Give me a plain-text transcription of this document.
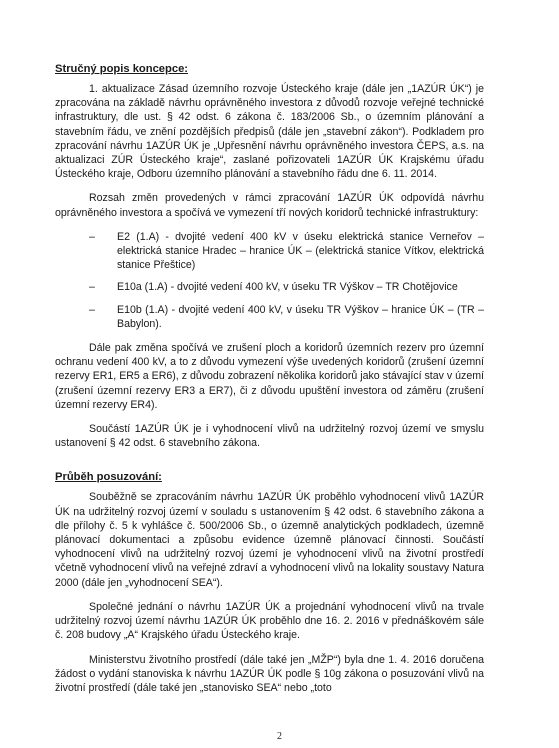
Stručný popis koncepce:

1. aktualizace Zásad územního rozvoje Ústeckého kraje (dále jen „1AZÚR ÚK“) je zpracována na základě návrhu oprávněného investora z důvodů rozvoje veřejné technické infrastruktury, dle ust. § 42 odst. 6 zákona č. 183/2006 Sb., o územním plánování a stavebním řádu, ve znění pozdějších předpisů (dále jen „stavební zákon“). Podkladem pro zpracování návrhu 1AZÚR ÚK je „Upřesnění návrhu oprávněného investora ČEPS, a.s. na aktualizaci ZÚR Ústeckého kraje“, zaslané pořizovateli 1AZÚR ÚK Krajskému úřadu Ústeckého kraje, Odboru územního plánování a stavebního řádu dne 6. 11. 2014.

Rozsah změn provedených v rámci zpracování 1AZÚR ÚK odpovídá návrhu oprávněného investora a spočívá ve vymezení tří nových koridorů technické infrastruktury:

– E2 (1.A) - dvojité vedení 400 kV v úseku elektrická stanice Verneřov – elektrická stanice Hradec – hranice ÚK – (elektrická stanice Vítkov, elektrická stanice Přeštice)
– E10a (1.A) - dvojité vedení 400 kV, v úseku TR Výškov – TR Chotějovice
– E10b (1.A) - dvojité vedení 400 kV, v úseku TR Výškov – hranice ÚK – (TR – Babylon).

Dále pak změna spočívá ve zrušení ploch a koridorů územních rezerv pro územní ochranu vedení 400 kV, a to z důvodu vymezení výše uvedených koridorů (zrušení územní rezervy ER1, ER5 a ER6), z důvodu zobrazení několika koridorů jako stávající stav v území (zrušení územní rezervy ER3 a ER7), či z důvodu upuštění investora od záměru (zrušení územní rezervy ER4).

Součástí 1AZÚR ÚK je i vyhodnocení vlivů na udržitelný rozvoj území ve smyslu ustanovení § 42 odst. 6 stavebního zákona.

Průběh posuzování:

Souběžně se zpracováním návrhu 1AZÚR ÚK proběhlo vyhodnocení vlivů 1AZÚR ÚK na udržitelný rozvoj území v souladu s ustanovením § 42 odst. 6 stavebního zákona a dle přílohy č. 5 k vyhlášce č. 500/2006 Sb., o územně analytických podkladech, územně plánovací dokumentaci a způsobu evidence územně plánovací činnosti. Součástí vyhodnocení vlivů na udržitelný rozvoj území je vyhodnocení vlivů na životní prostředí včetně vyhodnocení vlivů na veřejné zdraví a vyhodnocení vlivů na lokality soustavy Natura 2000 (dále jen „vyhodnocení SEA“).

Společné jednání o návrhu 1AZÚR ÚK a projednání vyhodnocení vlivů na trvale udržitelný rozvoj území návrhu 1AZÚR ÚK proběhlo dne 16. 2. 2016 v přednáškovém sále č. 208 budovy „A“ Krajského úřadu Ústeckého kraje.

Ministerstvu životního prostředí (dále také jen „MŽP“) byla dne 1. 4. 2016 doručena žádost o vydání stanoviska k návrhu 1AZÚR ÚK podle § 10g zákona o posuzování vlivů na životní prostředí (dále také jen „stanovisko SEA“ nebo „toto

2
